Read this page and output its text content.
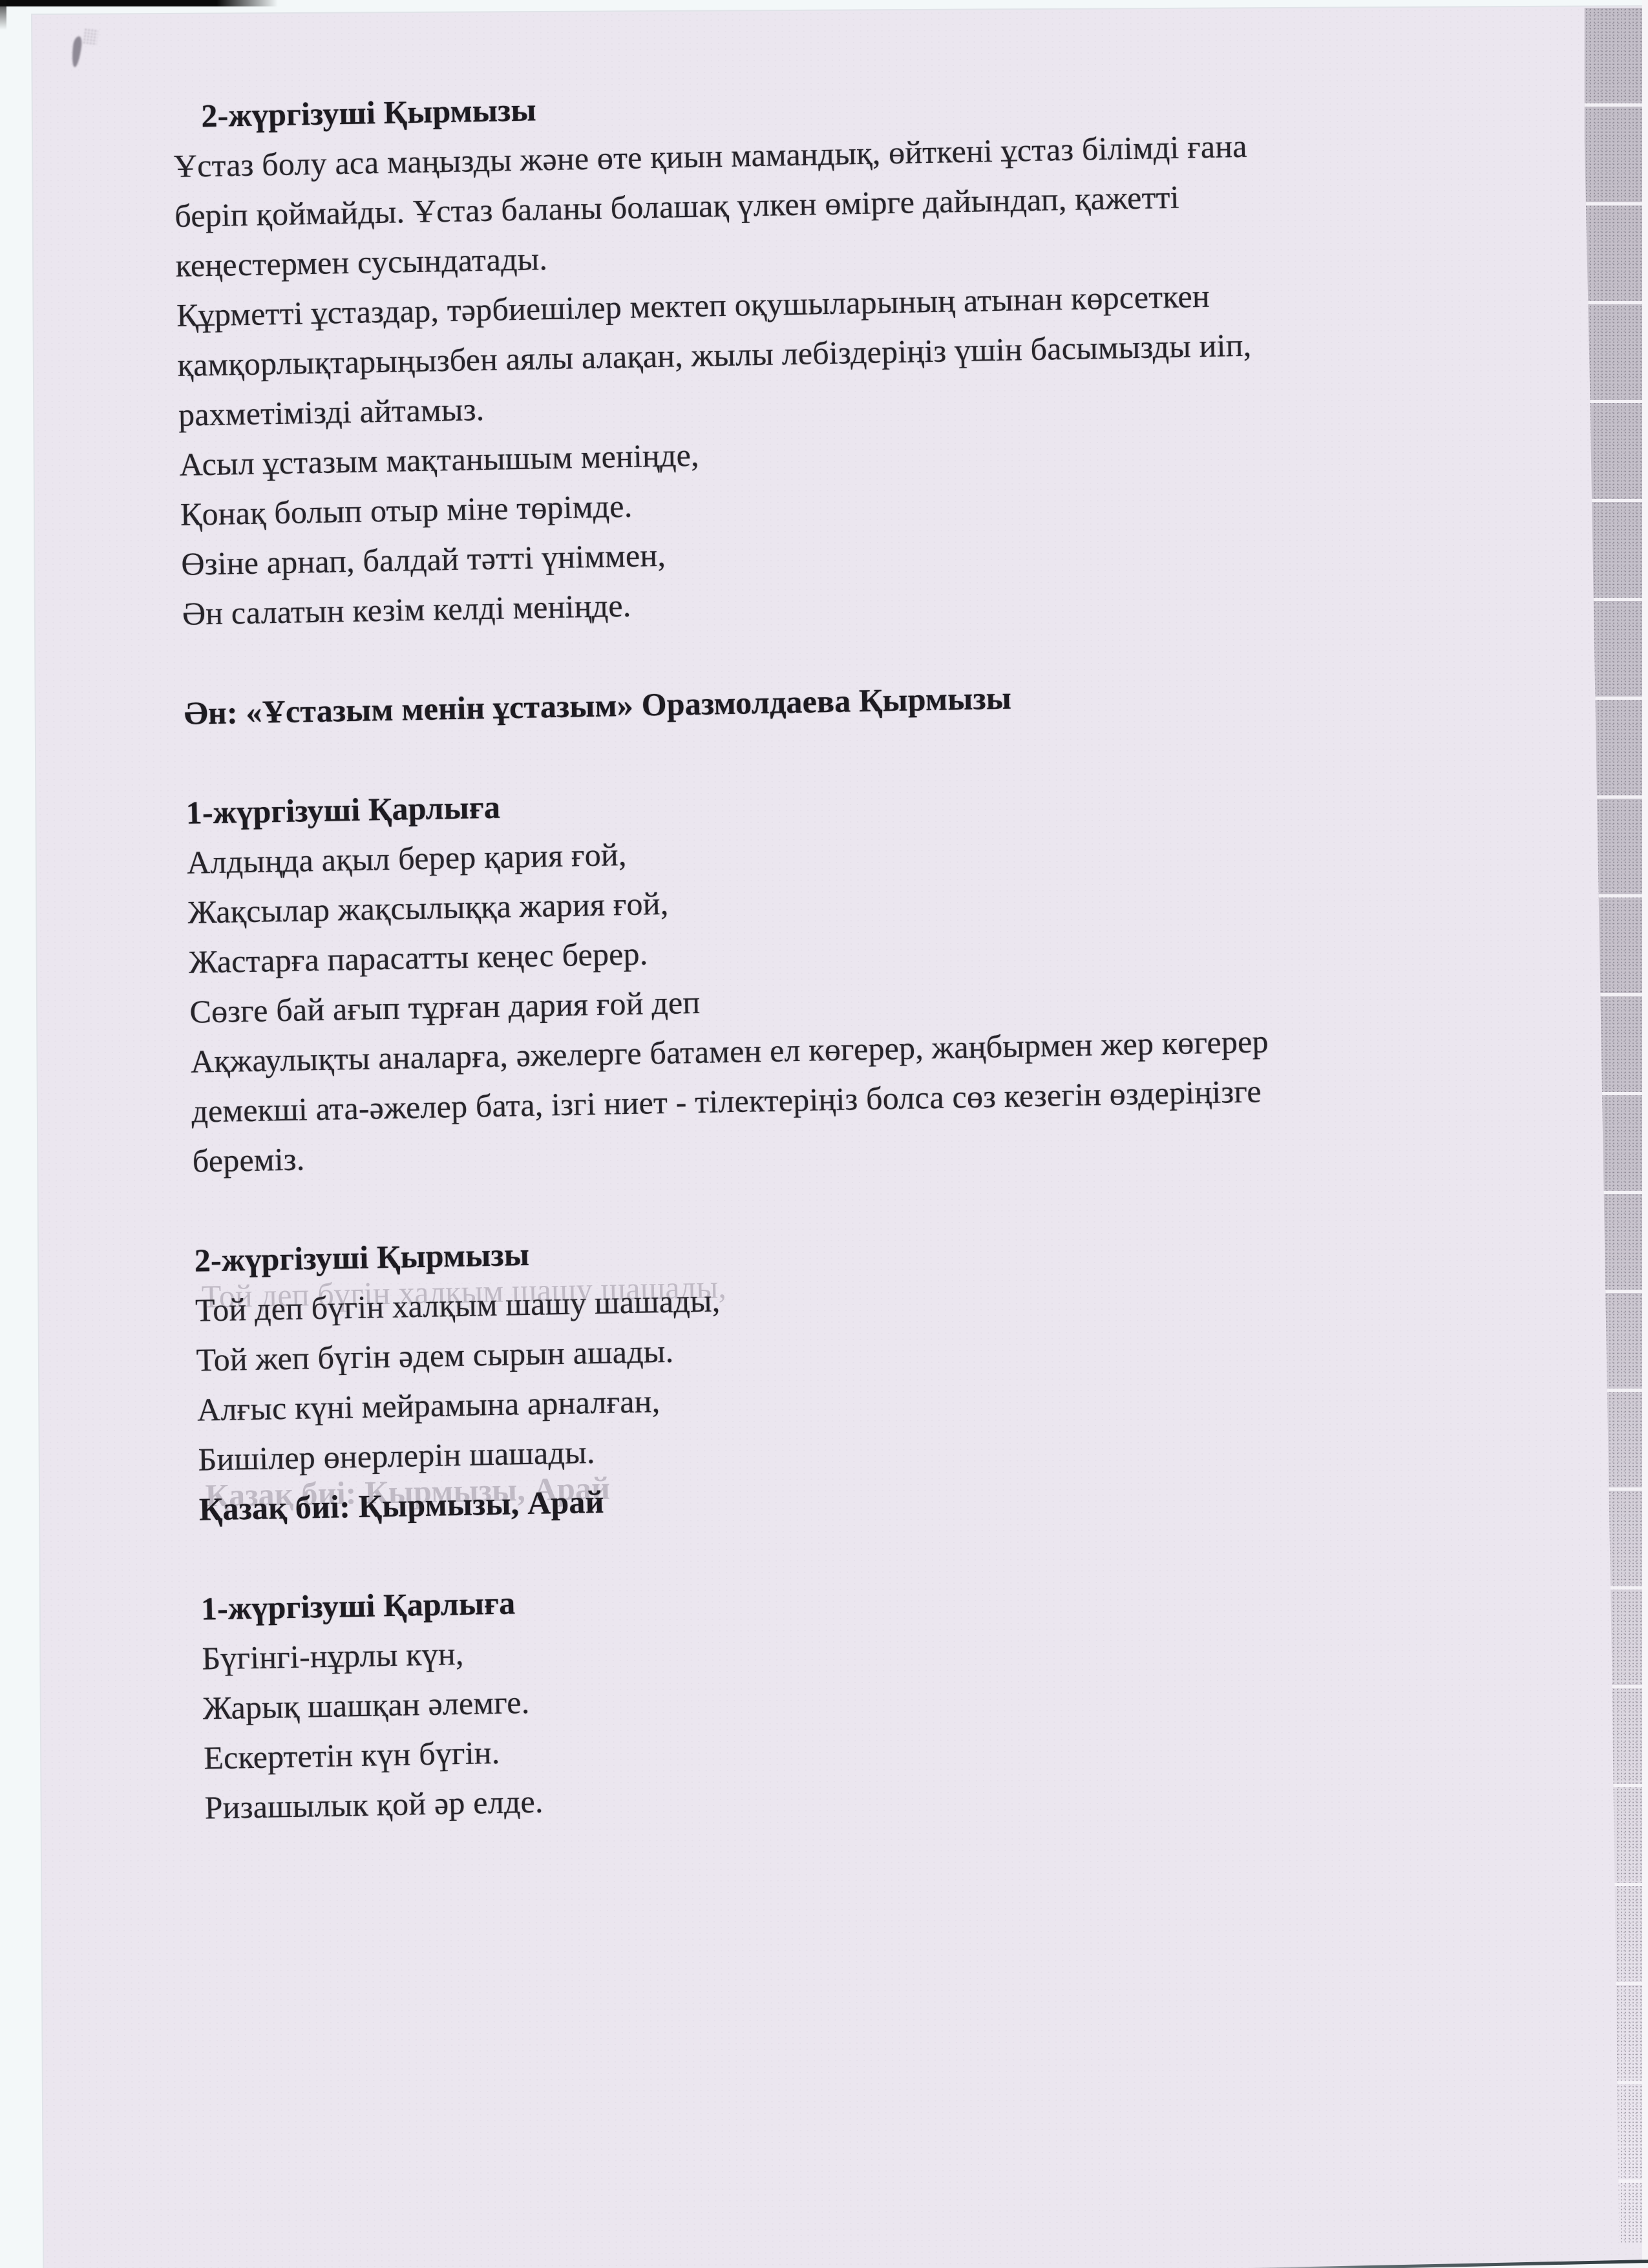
2-жүргізуші Қырмызы
Ұстаз болу аса маңызды және өте қиын мамандық, өйткені ұстаз білімді ғана
беріп қоймайды. Ұстаз баланы болашақ үлкен өмірге дайындап, қажетті
кеңестермен сусындатады.
Құрметті ұстаздар, тәрбиешілер мектеп оқушыларының атынан көрсеткен
қамқорлықтарыңызбен аялы алақан, жылы лебіздеріңіз үшін басымызды иіп,
рахметімізді айтамыз.
Асыл ұстазым мақтанышым меніңде,
Қонақ болып отыр міне төрімде.
Өзіне арнап, балдай тәтті үніммен,
Ән салатын кезім келді меніңде.
Ән: «Ұстазым менін ұстазым» Оразмолдаева Қырмызы
1-жүргізуші Қарлыға
Алдыңда ақыл берер қария ғой,
Жақсылар жақсылыққа жария ғой,
Жастарға парасатты кеңес берер.
Сөзге бай ағып тұрған дария ғой деп
Ақжаулықты аналарға, әжелерге батамен ел көгерер, жаңбырмен жер көгерер
демекші ата-әжелер бата, ізгі ниет - тілектеріңіз болса сөз кезегін өздеріңізге
береміз.
2-жүргізуші Қырмызы
Той деп бүгін халқым шашу шашады,
Той жеп бүгін әдем сырын ашады.
Алғыс күні мейрамына арналған,
Бишілер өнерлерін шашады.
Қазақ биі: Қырмызы, Арай
1-жүргізуші Қарлыға
Бүгінгі-нұрлы күн,
Жарық шашқан әлемге.
Ескертетін күн бүгін.
Ризашылык қой әр елде.
